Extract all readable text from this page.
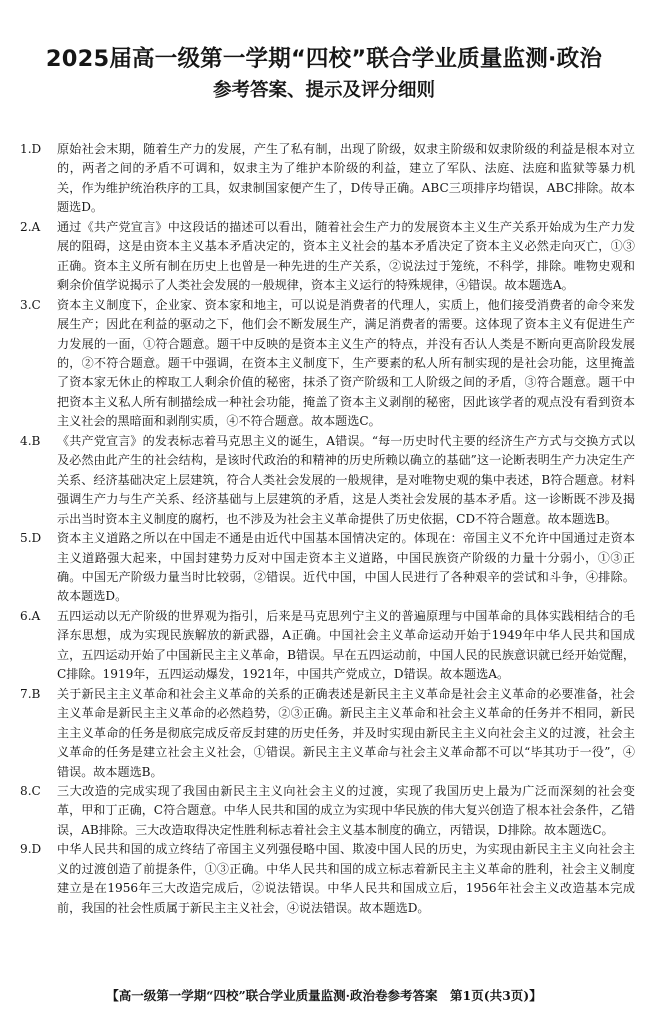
2025届高一级第一学期“四校”联合学业质量监测·政治
参考答案、提示及评分细则
1.D 原始社会末期，随着生产力的发展，产生了私有制，出现了阶级，奴隶主阶级和奴隶阶级的利益是根本对立的，两者之间的矛盾不可调和，奴隶主为了维护本阶级的利益，建立了军队、法庭、法庭和监狱等暴力机关，作为维护统治秩序的工具，奴隶制国家便产生了，D传导正确。ABC三项排序均错误，ABC排除。故本题选D。
2.A 通过《共产党宣言》中这段话的描述可以看出，随着社会生产力的发展资本主义生产关系开始成为生产力发展的阻碍，这是由资本主义基本矛盾决定的，资本主义社会的基本矛盾决定了资本主义必然走向灭亡，①③正确。资本主义所有制在历史上也曾是一种先进的生产关系，②说法过于笼统，不科学，排除。唯物史观和剩余价值学说揭示了人类社会发展的一般规律，资本主义运行的特殊规律，④错误。故本题选A。
3.C 资本主义制度下，企业家、资本家和地主，可以说是消费者的代理人，实质上，他们接受消费者的命令来发展生产；因此在利益的驱动之下，他们会不断发展生产，满足消费者的需要。这体现了资本主义有促进生产力发展的一面，①符合题意。题干中反映的是资本主义生产的特点，并没有否认人类是不断向更高阶段发展的，②不符合题意。题干中强调，在资本主义制度下，生产要素的私人所有制实现的是社会功能，这里掩盖了资本家无休止的榨取工人剩余价值的秘密，抹杀了资产阶级和工人阶级之间的矛盾，③符合题意。题干中把资本主义私人所有制描绘成一种社会功能，掩盖了资本主义剥削的秘密，因此该学者的观点没有看到资本主义社会的黑暗面和剥削实质，④不符合题意。故本题选C。
4.B 《共产党宣言》的发表标志着马克思主义的诞生，A错误。“每一历史时代主要的经济生产方式与交换方式以及必然由此产生的社会结构，是该时代政治的和精神的历史所赖以确立的基础”这一论断表明生产力决定生产关系、经济基础决定上层建筑，符合人类社会发展的一般规律，是对唯物史观的集中表述，B符合题意。材料强调生产力与生产关系、经济基础与上层建筑的矛盾，这是人类社会发展的基本矛盾。这一诊断既不涉及揭示出当时资本主义制度的腐朽，也不涉及为社会主义革命提供了历史依据，CD不符合题意。故本题选B。
5.D 资本主义道路之所以在中国走不通是由近代中国基本国情决定的。体现在：帝国主义不允许中国通过走资本主义道路强大起来，中国封建势力反对中国走资本主义道路，中国民族资产阶级的力量十分弱小，①③正确。中国无产阶级力量当时比较弱，②错误。近代中国，中国人民进行了各种艰辛的尝试和斗争，④排除。故本题选D。
6.A 五四运动以无产阶级的世界观为指引，后来是马克思列宁主义的普遍原理与中国革命的具体实践相结合的毛泽东思想，成为实现民族解放的新武器，A正确。中国社会主义革命运动开始于1949年中华人民共和国成立，五四运动开始了中国新民主主义革命，B错误。早在五四运动前，中国人民的民族意识就已经开始觉醒，C排除。1919年，五四运动爆发，1921年，中国共产党成立，D错误。故本题选A。
7.B 关于新民主主义革命和社会主义革命的关系的正确表述是新民主主义革命是社会主义革命的必要准备，社会主义革命是新民主主义革命的必然趋势，②③正确。新民主主义革命和社会主义革命的任务并不相同，新民主主义革命的任务是彻底完成反帝反封建的历史任务，并及时实现由新民主主义向社会主义的过渡，社会主义革命的任务是建立社会主义社会，①错误。新民主主义革命与社会主义革命都不可以“毕其功于一役”，④错误。故本题选B。
8.C 三大改造的完成实现了我国由新民主主义向社会主义的过渡，实现了我国历史上最为广泛而深刻的社会变革，甲和丁正确，C符合题意。中华人民共和国的成立为实现中华民族的伟大复兴创造了根本社会条件，乙错误，AB排除。三大改造取得决定性胜利标志着社会主义基本制度的确立，丙错误，D排除。故本题选C。
9.D 中华人民共和国的成立终结了帝国主义列强侵略中国、欺凌中国人民的历史，为实现由新民主主义向社会主义的过渡创造了前提条件，①③正确。中华人民共和国的成立标志着新民主主义革命的胜利，社会主义制度建立是在1956年三大改造完成后，②说法错误。中华人民共和国成立后，1956年社会主义改造基本完成前，我国的社会性质属于新民主主义社会，④说法错误。故本题选D。
【高一级第一学期“四校”联合学业质量监测·政治卷参考答案　第1页(共3页)】
